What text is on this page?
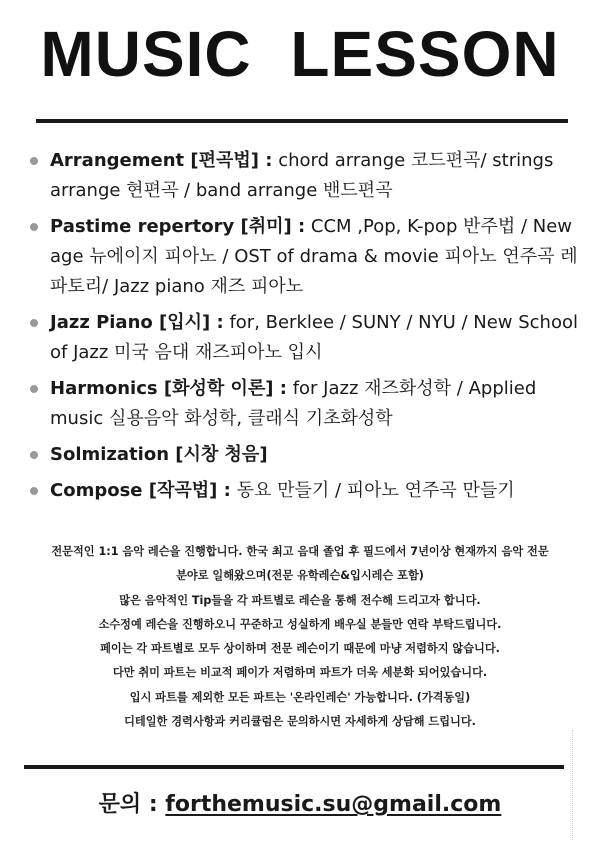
MUSIC LESSON
Arrangement [편곡법] : chord arrange 코드편곡/ strings arrange 현편곡 / band arrange 밴드편곡
Pastime repertory [취미] : CCM ,Pop, K-pop 반주법 / New age 뉴에이지 피아노 / OST of drama & movie 피아노 연주곡 레파토리/ Jazz piano 재즈 피아노
Jazz Piano [입시] : for, Berklee / SUNY / NYU / New School of Jazz 미국 음대 재즈피아노 입시
Harmonics [화성학 이론] : for Jazz 재즈화성학 / Applied music 실용음악 화성학, 클래식 기초화성학
Solmization [시창 청음]
Compose [작곡법] : 동요 만들기 / 피아노 연주곡 만들기

전문적인 1:1 음악 레슨을 진행합니다. 한국 최고 음대 졸업 후 필드에서 7년이상 현재까지 음악 전문

분야로 일해왔으며(전문 유학레슨&입시레슨 포함)

많은 음악적인 Tip들을 각 파트별로 레슨을 통해 전수해 드리고자 합니다.

소수정예 레슨을 진행하오니 꾸준하고 성실하게 배우실 분들만 연락 부탁드립니다.

페이는 각 파트별로 모두 상이하며 전문 레슨이기 때문에 마냥 저렴하지 않습니다.

다만 취미 파트는 비교적 페이가 저렴하며 파트가 더욱 세분화 되어있습니다.

입시 파트를 제외한 모든 파트는 '온라인레슨' 가능합니다. (가격동일)

디테일한 경력사항과 커리큘럼은 문의하시면 자세하게 상담해 드립니다.

문의 : forthemusic.su@gmail.com
